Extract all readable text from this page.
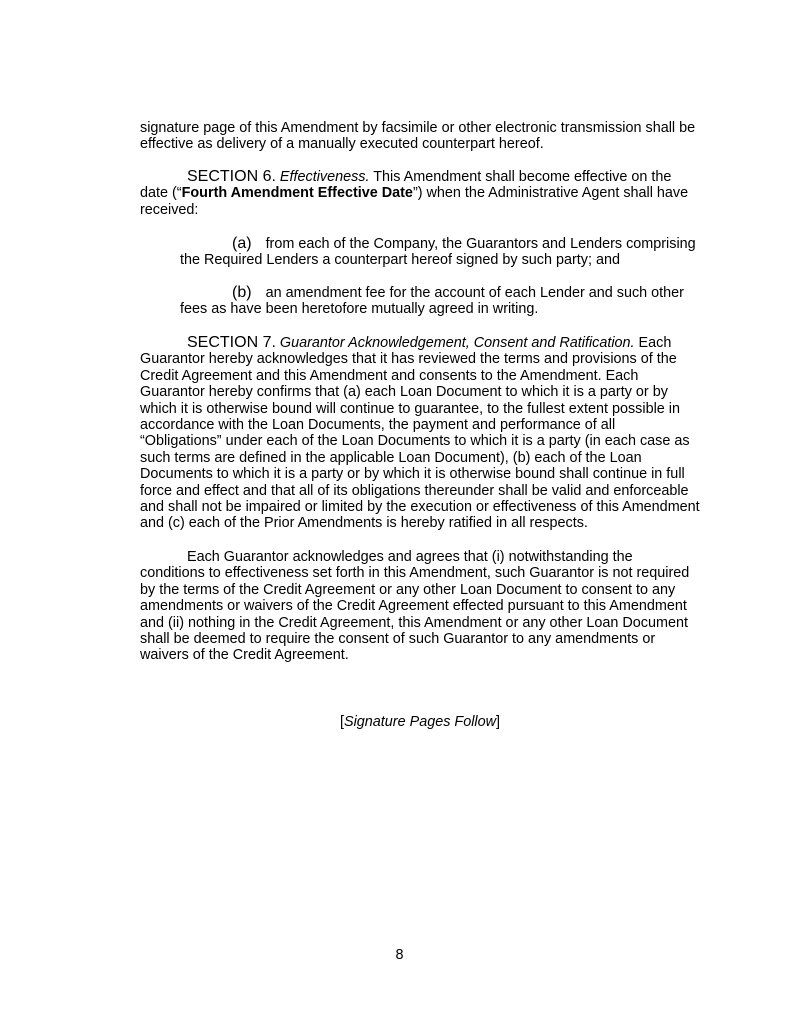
signature page of this Amendment by facsimile or other electronic transmission shall be effective as delivery of a manually executed counterpart hereof.

SECTION 6. Effectiveness. This Amendment shall become effective on the date (“Fourth Amendment Effective Date”) when the Administrative Agent shall have received:

(a) from each of the Company, the Guarantors and Lenders comprising the Required Lenders a counterpart hereof signed by such party; and

(b) an amendment fee for the account of each Lender and such other fees as have been heretofore mutually agreed in writing.

SECTION 7. Guarantor Acknowledgement, Consent and Ratification. Each Guarantor hereby acknowledges that it has reviewed the terms and provisions of the Credit Agreement and this Amendment and consents to the Amendment. Each Guarantor hereby confirms that (a) each Loan Document to which it is a party or by which it is otherwise bound will continue to guarantee, to the fullest extent possible in accordance with the Loan Documents, the payment and performance of all “Obligations” under each of the Loan Documents to which it is a party (in each case as such terms are defined in the applicable Loan Document), (b) each of the Loan Documents to which it is a party or by which it is otherwise bound shall continue in full force and effect and that all of its obligations thereunder shall be valid and enforceable and shall not be impaired or limited by the execution or effectiveness of this Amendment and (c) each of the Prior Amendments is hereby ratified in all respects.

Each Guarantor acknowledges and agrees that (i) notwithstanding the conditions to effectiveness set forth in this Amendment, such Guarantor is not required by the terms of the Credit Agreement or any other Loan Document to consent to any amendments or waivers of the Credit Agreement effected pursuant to this Amendment and (ii) nothing in the Credit Agreement, this Amendment or any other Loan Document shall be deemed to require the consent of such Guarantor to any amendments or waivers of the Credit Agreement.

[Signature Pages Follow]

8
